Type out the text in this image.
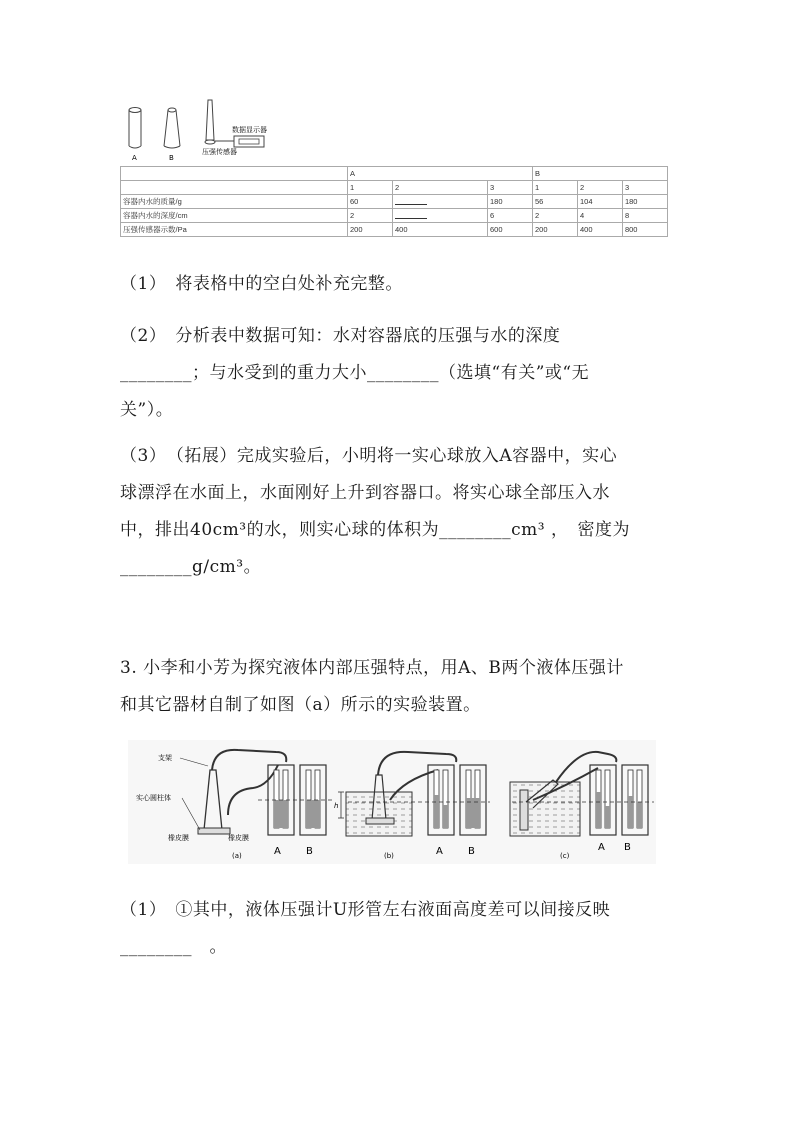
A	B
压强传感器
数据显示器
	A			B		
	1	2	3	1	2	3
容器内水的质量/g	60		180	56	104	180
容器内水的深度/cm	2		6	2	4	8
压强传感器示数/Pa	200	400	600	200	400	800

（1）　将表格中的空白处补充完整。

（2）　分析表中数据可知：水对容器底的压强与水的深度

________；与水受到的重力大小________（选填“有关”或“无

关”）。

（3）　（拓展）完成实验后，小明将一实心球放入A容器中，实心

球漂浮在水面上，水面刚好上升到容器口。将实心球全部压入水

中，排出40cm³的水，则实心球的体积为________cm³ ，　密度为

________g/cm³。

3. 小李和小芳为探究液体内部压强特点，用A、B两个液体压强计

和其它器材自制了如图（a）所示的实验装置。

h
支架
实心圆柱体
橡皮膜	橡皮膜
(a)	A	B	(b)	A	B	(c)
A B

（1）　①其中，液体压强计U形管左右液面高度差可以间接反映

________　。
